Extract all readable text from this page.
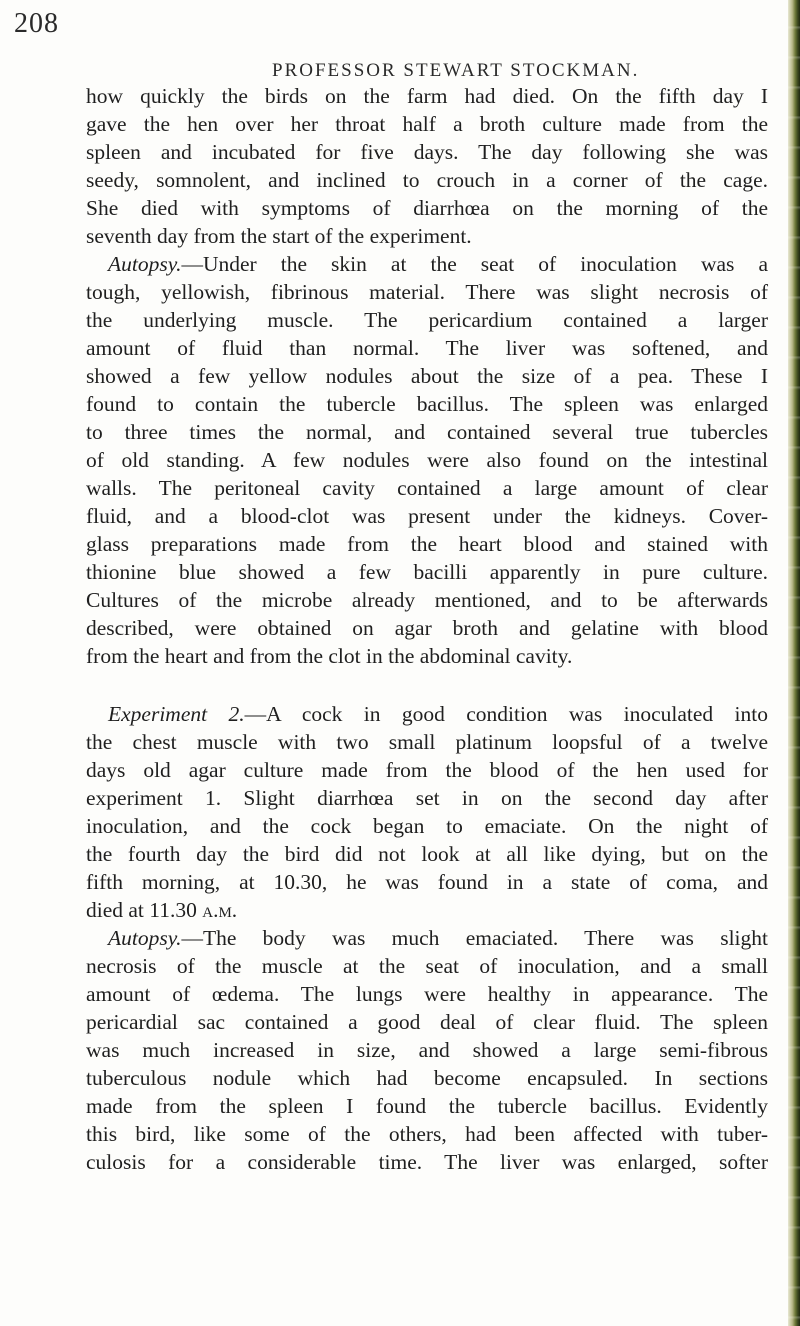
208
PROFESSOR STEWART STOCKMAN.
how quickly the birds on the farm had died. On the fifth day I
gave the hen over her throat half a broth culture made from the
spleen and incubated for five days. The day following she was
seedy, somnolent, and inclined to crouch in a corner of the cage.
She died with symptoms of diarrhœa on the morning of the
seventh day from the start of the experiment.
Autopsy.—Under the skin at the seat of inoculation was a
tough, yellowish, fibrinous material. There was slight necrosis of
the underlying muscle. The pericardium contained a larger
amount of fluid than normal. The liver was softened, and
showed a few yellow nodules about the size of a pea. These I
found to contain the tubercle bacillus. The spleen was enlarged
to three times the normal, and contained several true tubercles
of old standing. A few nodules were also found on the intestinal
walls. The peritoneal cavity contained a large amount of clear
fluid, and a blood-clot was present under the kidneys. Cover-
glass preparations made from the heart blood and stained with
thionine blue showed a few bacilli apparently in pure culture.
Cultures of the microbe already mentioned, and to be afterwards
described, were obtained on agar broth and gelatine with blood
from the heart and from the clot in the abdominal cavity.
Experiment 2.—A cock in good condition was inoculated into
the chest muscle with two small platinum loopsful of a twelve
days old agar culture made from the blood of the hen used for
experiment 1. Slight diarrhœa set in on the second day after
inoculation, and the cock began to emaciate. On the night of
the fourth day the bird did not look at all like dying, but on the
fifth morning, at 10.30, he was found in a state of coma, and
died at 11.30 a.m.
Autopsy.—The body was much emaciated. There was slight
necrosis of the muscle at the seat of inoculation, and a small
amount of œdema. The lungs were healthy in appearance. The
pericardial sac contained a good deal of clear fluid. The spleen
was much increased in size, and showed a large semi-fibrous
tuberculous nodule which had become encapsuled. In sections
made from the spleen I found the tubercle bacillus. Evidently
this bird, like some of the others, had been affected with tuber-
culosis for a considerable time. The liver was enlarged, softer
